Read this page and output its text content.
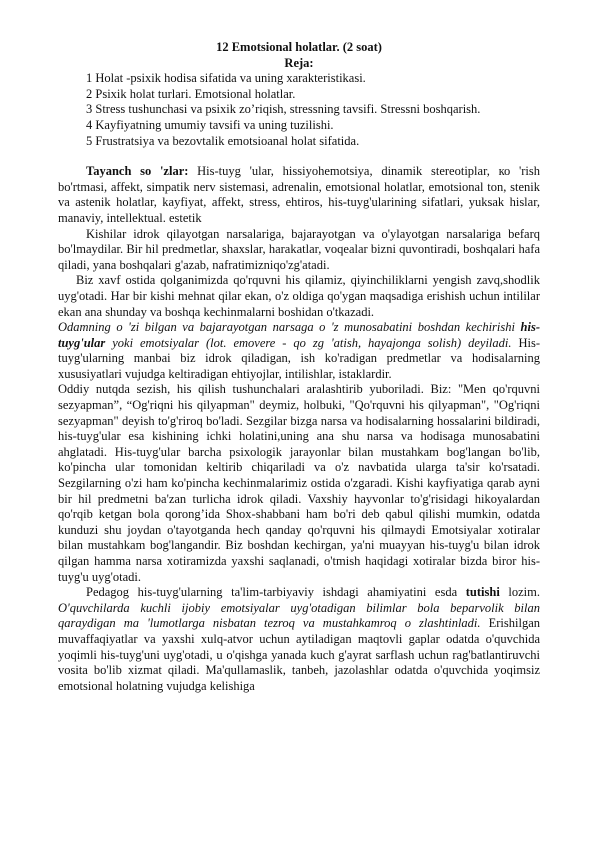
12 Emotsional holatlar. (2 soat)
Reja:
1 Holat -psixik hodisa sifatida va uning xarakteristikasi.
2 Psixik holat turlari. Emotsional holatlar.
3 Stress tushunchasi va psixik zo’riqish, stressning tavsifi. Stressni boshqarish.
4 Kayfiyatning umumiy tavsifi va uning tuzilishi.
5 Frustratsiya va bezovtalik emotsioanal holat sifatida.

Tayanch so 'zlar: His-tuyg 'ular, hissiyohemotsiya, dinamik stereotiplar, ко 'rish bo'rtmasi, affekt, simpatik nerv sistemasi, adrenalin, emotsional holatlar, emotsional ton, stenik va astenik holatlar, kayfiyat, affekt, stress, ehtiros, his-tuyg'ularining sifatlari, yuksak hislar, manaviy, intellektual. estetik

Kishilar idrok qilayotgan narsalariga, bajarayotgan va o'ylayotgan narsalariga befarq bo'lmaydilar. Bir hil predmetlar, shaxslar, harakatlar, voqealar bizni quvontiradi, boshqalari hafa qiladi, yana boshqalari g'azab, nafratimizniqo'zg'atadi.

Biz xavf ostida qolganimizda qo'rquvni his qilamiz, qiyinchiliklarni yengish zavq,shodlik uyg'otadi. Har bir kishi mehnat qilar ekan, o'z oldiga qo'ygan maqsadiga erishish uchun intililar ekan ana shunday va boshqa kechinmalarni boshidan o'tkazadi.

Odamning o 'zi bilgan va bajarayotgan narsaga o 'z munosabatini boshdan kechirishi his-tuyg'ular yoki emotsiyalar (lot. emovere - qo zg 'atish, hayajonga solish) deyiladi. His-tuyg'ularning manbai biz idrok qiladigan, ish ko'radigan predmetlar va hodisalarning xususiyatlari vujudga keltiradigan ehtiyojlar, intilishlar, istaklardir.

Oddiy nutqda sezish, his qilish tushunchalari aralashtirib yuboriladi. Biz: "Men qo'rquvni sezyapman”, “Og'riqni his qilyapman" deymiz, holbuki, "Qo'rquvni his qilyapman", "Og'riqni sezyapman" deyish to'g'riroq bo'ladi. Sezgilar bizga narsa va hodisalarning hossalarini bildiradi, his-tuyg'ular esa kishining ichki holatini,uning ana shu narsa va hodisaga munosabatini ahglatadi. His-tuyg'ular barcha psixologik jarayonlar bilan mustahkam bog'langan bo'lib, ko'pincha ular tomonidan keltirib chiqariladi va o'z navbatida ularga ta'sir ko'rsatadi. Sezgilarning o'zi ham ko'pincha kechinmalarimiz ostida o'zgaradi. Kishi kayfiyatiga qarab ayni bir hil predmetni ba'zan turlicha idrok qiladi. Vaxshiy hayvonlar to'g'risidagi hikoyalardan qo'rqib ketgan bola qorong’ida Shox-shabbani ham bo'ri deb qabul qilishi mumkin, odatda kunduzi shu joydan o'tayotganda hech qanday qo'rquvni his qilmaydi Emotsiyalar xotiralar bilan mustahkam bog'langandir. Biz boshdan kechirgan, ya'ni muayyan his-tuyg'u bilan idrok qilgan hamma narsa xotiramizda yaxshi saqlanadi, o'tmish haqidagi xotiralar bizda biror his-tuyg'u uyg'otadi.

Pedagog his-tuyg'ularning ta'lim-tarbiyaviy ishdagi ahamiyatini esda tutishi lozim. O'quvchilarda kuchli ijobiy emotsiyalar uyg'otadigan bilimlar bola beparvolik bilan qaraydigan ma 'lumotlarga nisbatan tezroq va mustahkamroq o zlashtinladi. Erishilgan muvaffaqiyatlar va yaxshi xulq-atvor uchun aytiladigan maqtovli gaplar odatda o'quvchida yoqimli his-tuyg'uni uyg'otadi, u o'qishga yanada kuch g'ayrat sarflash uchun rag'batlantiruvchi vosita bo'lib xizmat qiladi. Ma'qullamaslik, tanbeh, jazolashlar odatda o'quvchida yoqimsiz emotsional holatning vujudga kelishiga
